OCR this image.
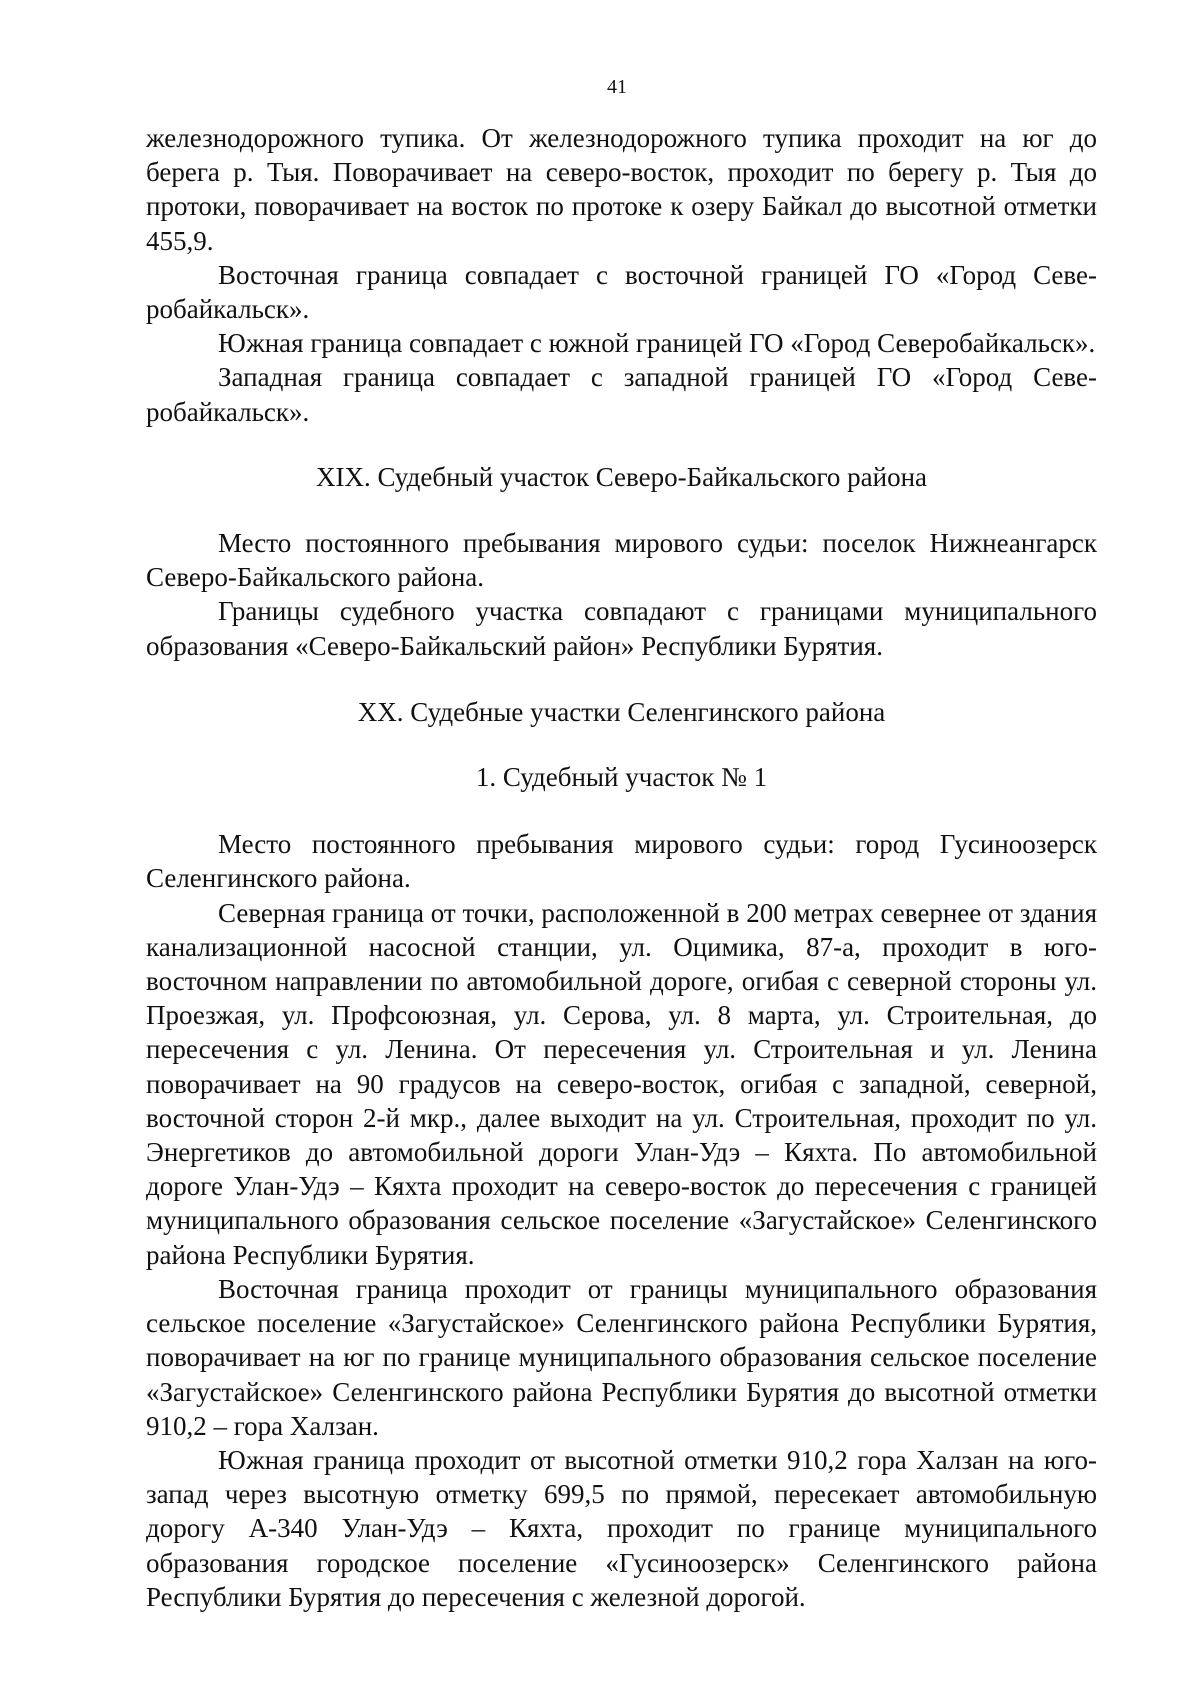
41

железнодорожного тупика. От железнодорожного тупика проходит на юг до берега р. Тыя. Поворачивает на северо-восток, проходит по берегу р. Тыя до протоки, поворачивает на восток по протоке к озеру Байкал до высотной отметки 455,9.

Восточная граница совпадает с восточной границей ГО «Город Северобайкальск».

Южная граница совпадает с южной границей ГО «Город Северобайкальск».

Западная граница совпадает с западной границей ГО «Город Северобайкальск».

XIX. Судебный участок Северо-Байкальского района

Место постоянного пребывания мирового судьи: поселок Нижнеангарск Северо-Байкальского района.

Границы судебного участка совпадают с границами муниципального образования «Северо-Байкальский район» Республики Бурятия.

XX. Судебные участки Селенгинского района
1. Судебный участок № 1

Место постоянного пребывания мирового судьи: город Гусиноозерск Селенгинского района.

Северная граница от точки, расположенной в 200 метрах севернее от здания канализационной насосной станции, ул. Оцимика, 87-а, проходит в юго-восточном направлении по автомобильной дороге, огибая с северной стороны ул. Проезжая, ул. Профсоюзная, ул. Серова, ул. 8 марта, ул. Строительная, до пересечения с ул. Ленина. От пересечения ул. Строительная и ул. Ленина поворачивает на 90 градусов на северо-восток, огибая с западной, северной, восточной сторон 2-й мкр., далее выходит на ул. Строительная, проходит по ул. Энергетиков до автомобильной дороги Улан-Удэ – Кяхта. По автомобильной дороге Улан-Удэ – Кяхта проходит на северо-восток до пересечения с границей муниципального образования сельское поселение «Загустайское» Селенгинского района Республики Бурятия.

Восточная граница проходит от границы муниципального образования сельское поселение «Загустайское» Селенгинского района Республики Бурятия, поворачивает на юг по границе муниципального образования сельское поселение «Загустайское» Селенгинского района Республики Бурятия до высотной отметки 910,2 – гора Халзан.

Южная граница проходит от высотной отметки 910,2 гора Халзан на юго-запад через высотную отметку 699,5 по прямой, пересекает автомобильную дорогу А-340 Улан-Удэ – Кяхта, проходит по границе муниципального образования городское поселение «Гусиноозерск» Селенгинского района Республики Бурятия до пересечения с железной дорогой.
